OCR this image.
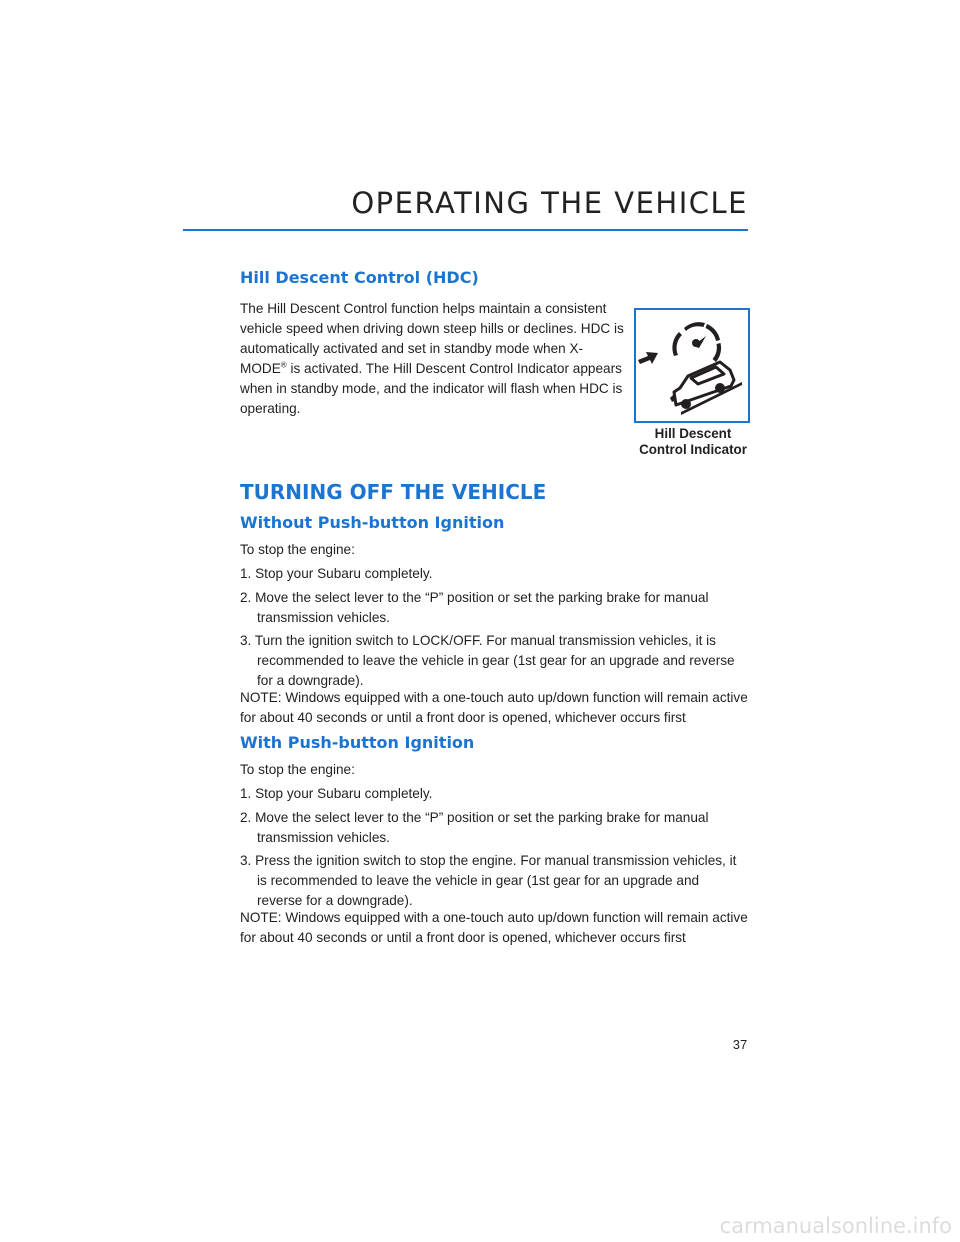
OPERATING THE VEHICLE
Hill Descent Control (HDC)

The Hill Descent Control function helps maintain a consistent vehicle speed when driving down steep hills or declines. HDC is automatically activated and set in standby mode when X-MODE® is activated. The Hill Descent Control Indicator appears when in standby mode, and the indicator will flash when HDC is operating.

TURNING OFF THE VEHICLE
Without Push-button Ignition

To stop the engine:

1. Stop your Subaru completely.

2. Move the select lever to the “P” position or set the parking brake for manual transmission vehicles.

3. Turn the ignition switch to LOCK/OFF. For manual transmission vehicles, it is recommended to leave the vehicle in gear (1st gear for an upgrade and reverse for a downgrade).

NOTE: Windows equipped with a one-touch auto up/down function will remain active for about 40 seconds or until a front door is opened, whichever occurs first

With Push-button Ignition

To stop the engine:

1. Stop your Subaru completely.

2. Move the select lever to the “P” position or set the parking brake for manual transmission vehicles.

3. Press the ignition switch to stop the engine. For manual transmission vehicles, it is recommended to leave the vehicle in gear (1st gear for an upgrade and reverse for a downgrade).

NOTE: Windows equipped with a one-touch auto up/down function will remain active for about 40 seconds or until a front door is opened, whichever occurs first

Hill Descent
Control Indicator
37
carmanualsonline.info
